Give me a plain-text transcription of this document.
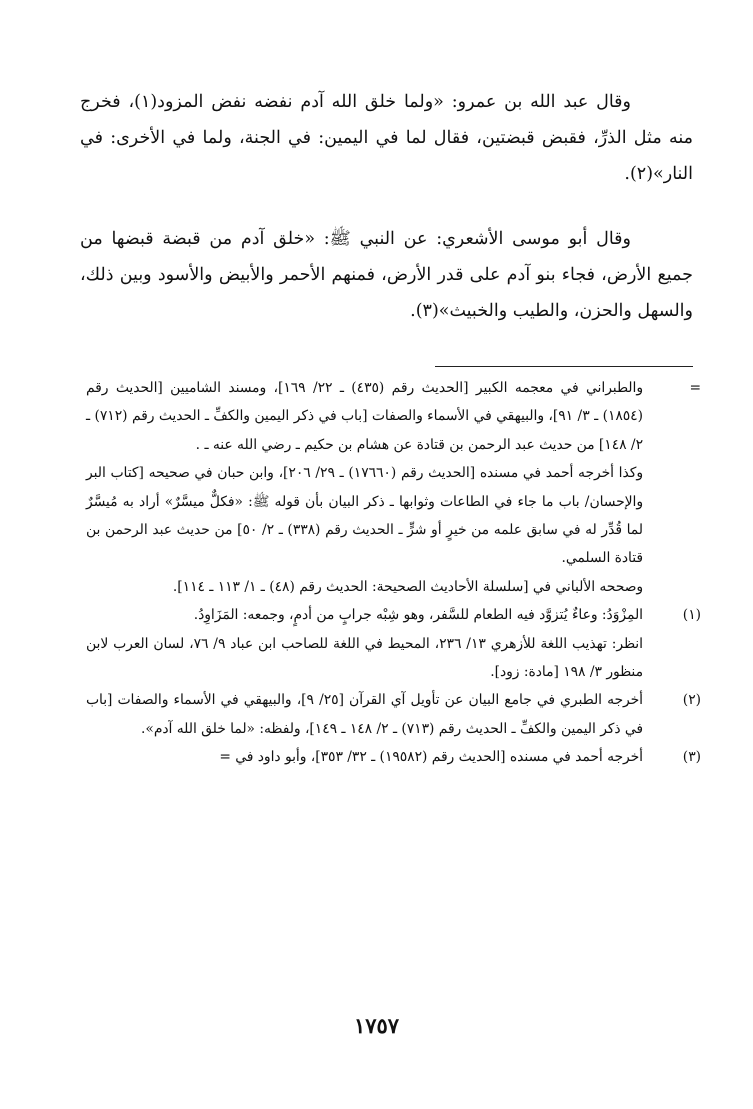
وقال عبد الله بن عمرو: «ولما خلق الله آدم نفضه نفض المزود(١)، فخرج منه مثل الذرِّ، فقبض قبضتين، فقال لما في اليمين: في الجنة، ولما في الأخرى: في النار»(٢).

وقال أبو موسى الأشعري: عن النبي ﷺ: «خلق آدم من قبضة قبضها من جميع الأرض، فجاء بنو آدم على قدر الأرض، فمنهم الأحمر والأبيض والأسود وبين ذلك، والسهل والحزن، والطيب والخبيث»(٣).

=

والطبراني في معجمه الكبير [الحديث رقم (٤٣٥) ـ ٢٢/ ١٦٩]، ومسند الشاميين [الحديث رقم (١٨٥٤) ـ ٣/ ٩١]، والبيهقي في الأسماء والصفات [باب في ذكر اليمين والكفِّ ـ الحديث رقم (٧١٢) ـ ٢/ ١٤٨] من حديث عبد الرحمن بن قتادة عن هشام بن حكيم ـ رضي الله عنه ـ .

وكذا أخرجه أحمد في مسنده [الحديث رقم (١٧٦٦٠) ـ ٢٩/ ٢٠٦]، وابن حبان في صحيحه [كتاب البر والإحسان/ باب ما جاء في الطاعات وثوابها ـ ذكر البيان بأن قوله ﷺ: «فكلٌّ ميسَّرٌ» أراد به مُيسَّرٌ لما قُدِّر له في سابق علمه من خيرٍ أو شرٍّ ـ الحديث رقم (٣٣٨) ـ ٢/ ٥٠] من حديث عبد الرحمن بن قتادة السلمي.

وصححه الألباني في [سلسلة الأحاديث الصحيحة: الحديث رقم (٤٨) ـ ١/ ١١٣ ـ ١١٤].

(١)

المِزْوَدُ: وعاءٌ يُتزوَّد فيه الطعام للسَّفر، وهو شِبْه جرابٍ من أدمٍ، وجمعه: المَزَاوِدُ.

انظر: تهذيب اللغة للأزهري ١٣/ ٢٣٦، المحيط في اللغة للصاحب ابن عباد ٩/ ٧٦، لسان العرب لابن منظور ٣/ ١٩٨ [مادة: زود].

(٢)

أخرجه الطبري في جامع البيان عن تأويل آي القرآن [٢٥/ ٩]، والبيهقي في الأسماء والصفات [باب في ذكر اليمين والكفِّ ـ الحديث رقم (٧١٣) ـ ٢/ ١٤٨ ـ ١٤٩]، ولفظه: «لما خلق الله آدم».

(٣)

أخرجه أحمد في مسنده [الحديث رقم (١٩٥٨٢) ـ ٣٢/ ٣٥٣]، وأبو داود في =

١٧٥٧
